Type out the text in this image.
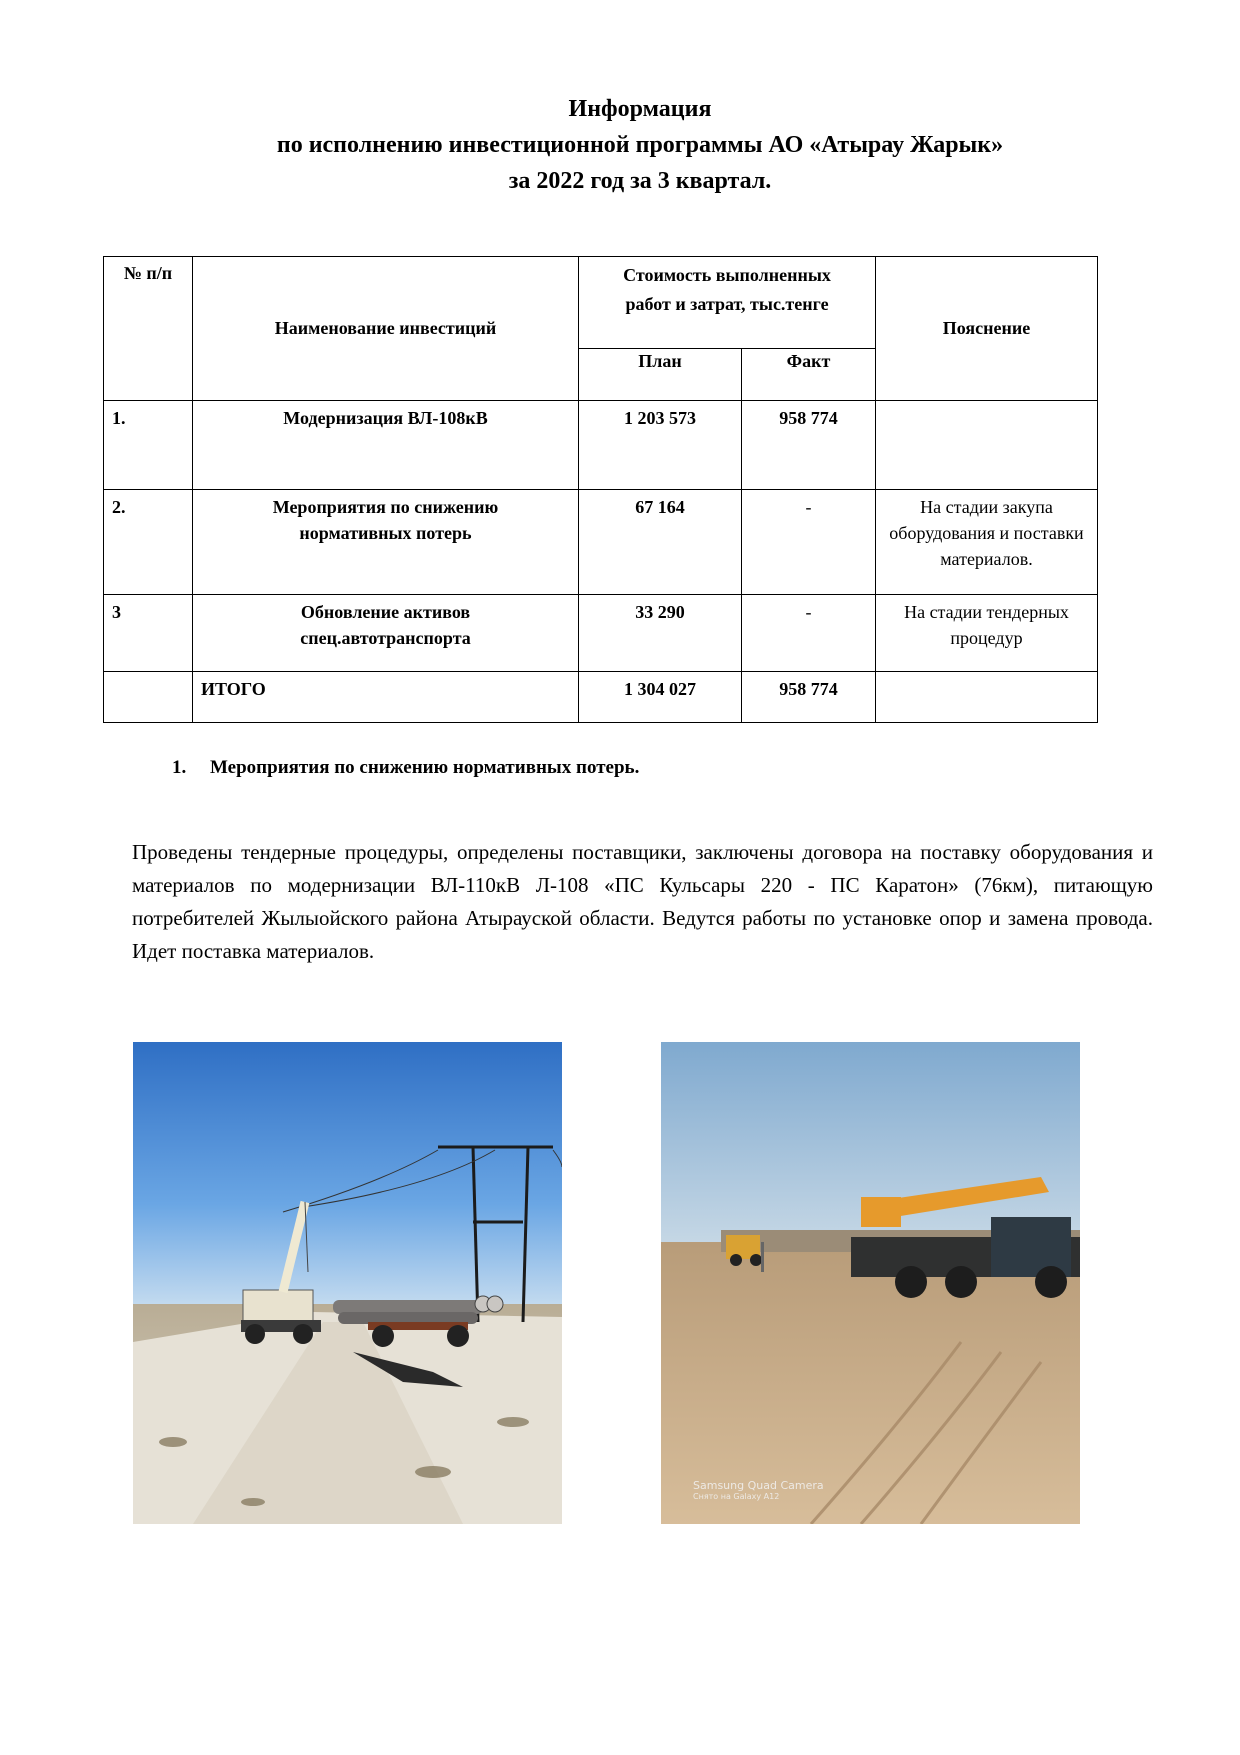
Информация
по исполнению инвестиционной программы АО «Атырау Жарык»
за 2022 год за 3 квартал.
№ п/п	Наименование инвестиций	Стоимость выполненных работ и затрат, тыс.тенге		Пояснение
		План	Факт	
1.	Модернизация ВЛ-108кВ	1 203 573	958 774	
2.	Мероприятия по снижению нормативных потерь	67 164	-	На стадии закупа оборудования и поставки материалов.
3	Обновление активов спец.автотранспорта	33 290	-	На стадии тендерных процедур
	ИТОГО	1 304 027	958 774	
1. Мероприятия по снижению нормативных потерь.
Проведены тендерные процедуры, определены поставщики, заключены договора на поставку оборудования и материалов по модернизации ВЛ-110кВ Л-108 «ПС Кульсары 220 - ПС Каратон» (76км), питающую потребителей Жылыойского района Атырауской области. Ведутся работы по установке опор и замена провода. Идет поставка материалов.
Samsung Quad Camera
Снято на Galaxy A12
